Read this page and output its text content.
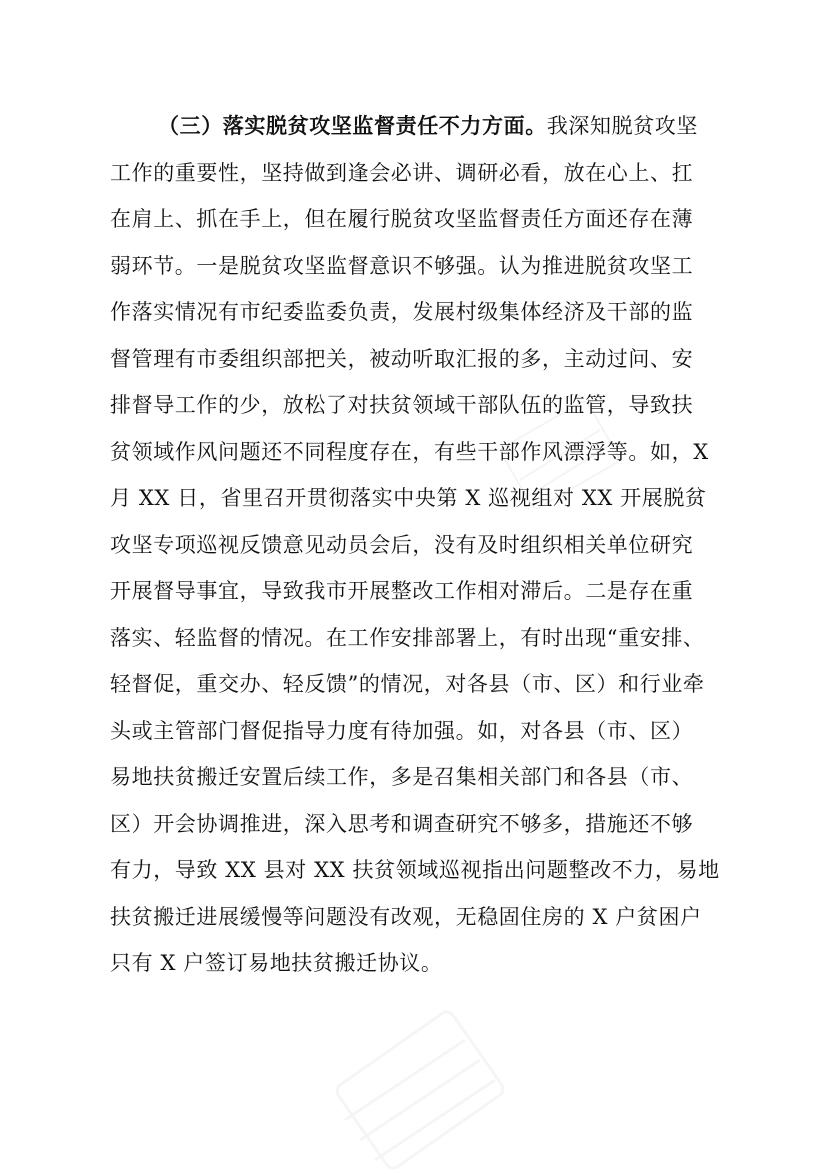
（三）落实脱贫攻坚监督责任不力方面。我深知脱贫攻坚
工作的重要性，坚持做到逢会必讲、调研必看，放在心上、扛
在肩上、抓在手上，但在履行脱贫攻坚监督责任方面还存在薄
弱环节。一是脱贫攻坚监督意识不够强。认为推进脱贫攻坚工
作落实情况有市纪委监委负责，发展村级集体经济及干部的监
督管理有市委组织部把关，被动听取汇报的多，主动过问、安
排督导工作的少，放松了对扶贫领域干部队伍的监管，导致扶
贫领域作风问题还不同程度存在，有些干部作风漂浮等。如，X
月 XX 日，省里召开贯彻落实中央第 X 巡视组对 XX 开展脱贫
攻坚专项巡视反馈意见动员会后，没有及时组织相关单位研究
开展督导事宜，导致我市开展整改工作相对滞后。二是存在重
落实、轻监督的情况。在工作安排部署上，有时出现“重安排、
轻督促，重交办、轻反馈”的情况，对各县（市、区）和行业牵
头或主管部门督促指导力度有待加强。如，对各县（市、区）
易地扶贫搬迁安置后续工作，多是召集相关部门和各县（市、
区）开会协调推进，深入思考和调查研究不够多，措施还不够
有力，导致 XX 县对 XX 扶贫领域巡视指出问题整改不力，易地
扶贫搬迁进展缓慢等问题没有改观，无稳固住房的 X 户贫困户
只有 X 户签订易地扶贫搬迁协议。
